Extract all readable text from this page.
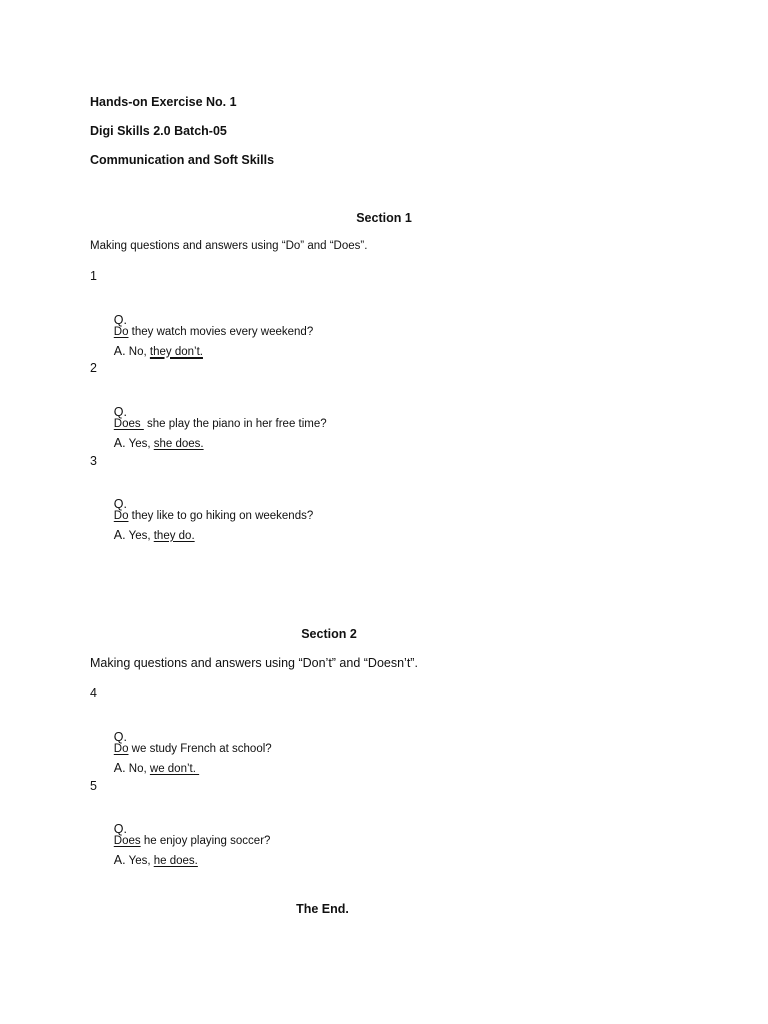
Hands-on Exercise No. 1
Digi Skills 2.0 Batch-05
Communication and Soft Skills
Section 1
Making questions and answers using “Do” and “Does”.
1

Q.
Do they watch movies every weekend?

A. No, they don’t.

2

Q.
Does  she play the piano in her free time?

A. Yes, she does.

3

Q.
Do they like to go hiking on weekends?

A. Yes, they do.

Section 2
Making questions and answers using “Don’t” and “Doesn’t”.
4

Q.
Do we study French at school?

A. No, we don’t.

5

Q.
Does he enjoy playing soccer?

A. Yes, he does.

The End.
